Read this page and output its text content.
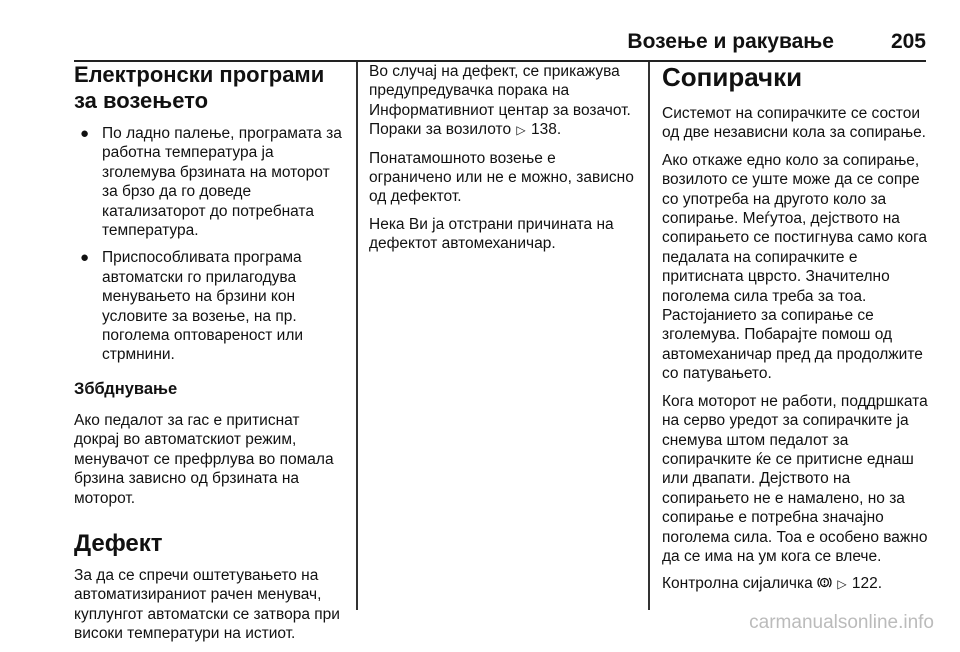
Возење и ракување	205
Електронски програми за возењето
● По ладно палење, програмата за работна температура ја зголемува брзината на моторот за брзо да го доведе катализаторот до потребната температура.
● Приспособливата програма автоматски го прилагодува менувањето на брзини кон условите за возење, на пр. поголема оптовареност или стрмнини.
Зббднување

Ако педалот за гас е притиснат докрај во автоматскиот режим, менувачот се префрлува во помала брзина зависно од брзината на моторот.

Дефект

За да се спречи оштетувањето на автоматизираниот рачен менувач, куплунгот автоматски се затвора при високи температури на истиот.

Во случај на дефект, се прикажува предупредувачка порака на Информативниот центар за возачот. Пораки за возилото ▷ 138.

Понатамошното возење е ограничено или не е можно, зависно од дефектот.

Нека Ви ја отстрани причината на дефектот автомеханичар.

Сопирачки

Системот на сопирачките се состои од две независни кола за сопирање.

Ако откаже едно коло за сопирање, возилото се уште може да се сопре со употреба на другото коло за сопирање. Меѓутоа, дејството на сопирањето се постигнува само кога педалата на сопирачките е притисната цврсто. Значително поголема сила треба за тоа. Растојанието за сопирање се зголемува. Побарајте помош од автомеханичар пред да продолжите со патувањето.

Кога моторот не работи, поддршката на серво уредот за сопирачките ја снемува штом педалот за сопирачките ќе се притисне еднаш или двапати. Дејството на сопирањето не е намалено, но за сопирање е потребна значајно поголема сила. Тоа е особено важно да се има на ум кога се влече.

Контролна сијаличка ▷ 122.

carmanualsonline.info
